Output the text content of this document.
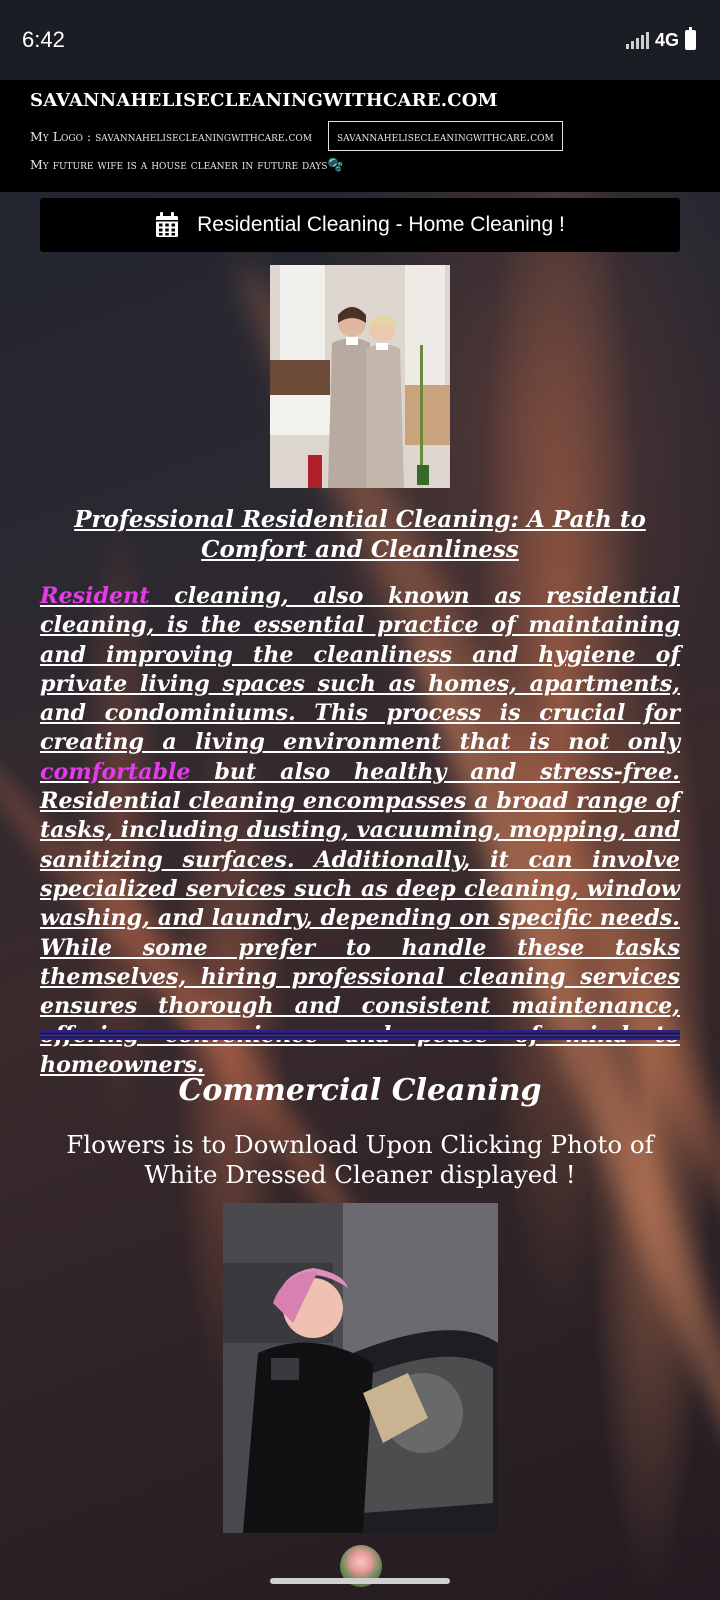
6:42	4G
SAVANNAHELISECLEANINGWITHCARE.COM
My Logo : savannahelisecleaningwithcare.com	savannahelisecleaningwithcare.com
My future wife is a house cleaner in future days🫧
Residential Cleaning - Home Cleaning !
Professional Residential Cleaning: A Path to Comfort and Cleanliness

Resident cleaning, also known as residential cleaning, is the essential practice of maintaining and improving the cleanliness and hygiene of private living spaces such as homes, apartments, and condominiums. This process is crucial for creating a living environment that is not only comfortable but also healthy and stress-free. Residential cleaning encompasses a broad range of tasks, including dusting, vacuuming, mopping, and sanitizing surfaces. Additionally, it can involve specialized services such as deep cleaning, window washing, and laundry, depending on specific needs. While some prefer to handle these tasks themselves, hiring professional cleaning services ensures thorough and consistent maintenance, homeowners.

Commercial Cleaning
Flowers is to Download Upon Clicking Photo of White Dressed Cleaner displayed !
